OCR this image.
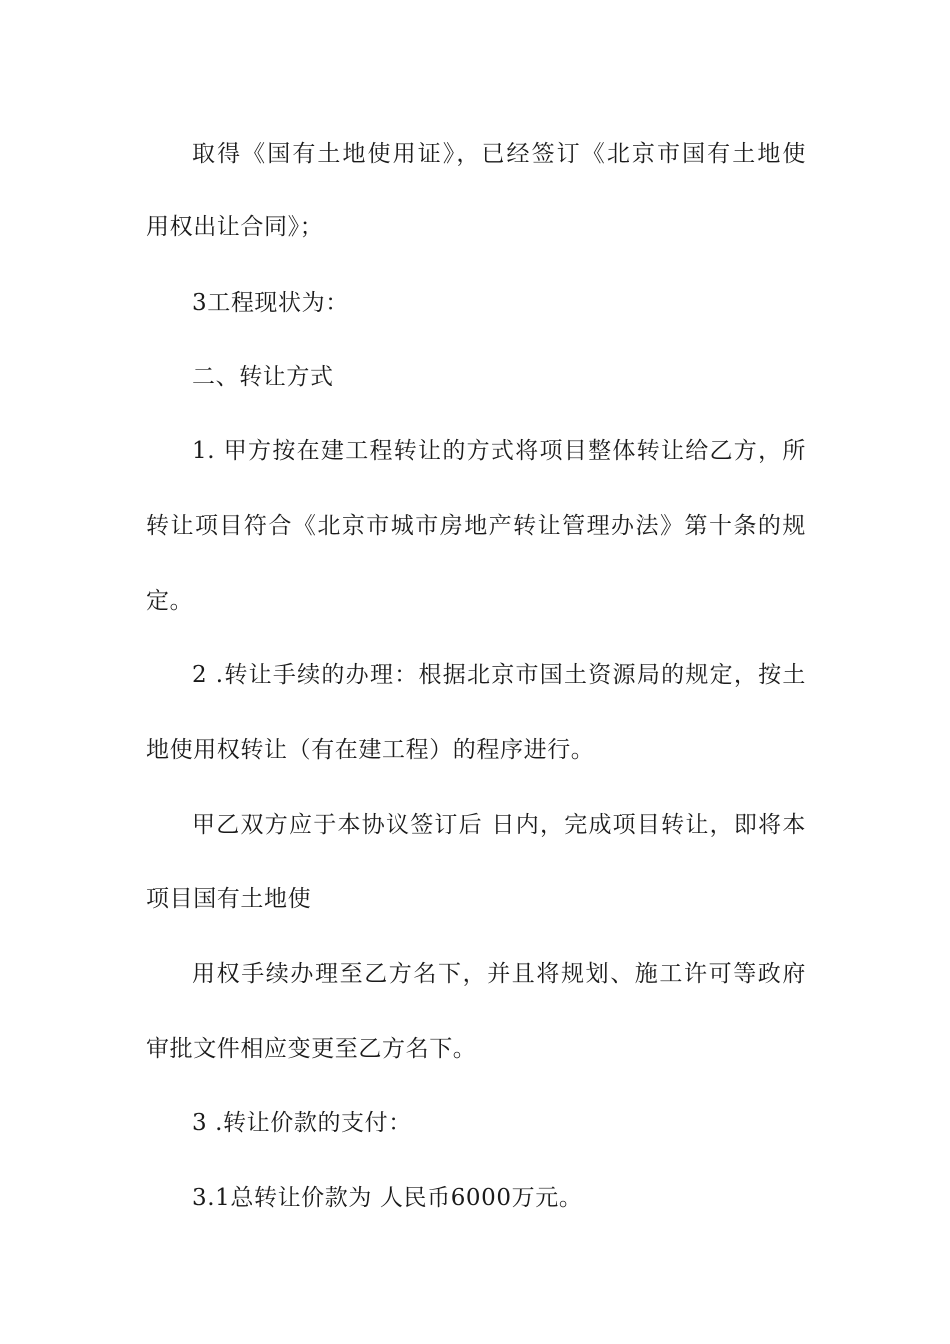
取得《国有土地使用证》，已经签订《北京市国有土地使
用权出让合同》；
3工程现状为：
二、转让方式
1. 甲方按在建工程转让的方式将项目整体转让给乙方，所
转让项目符合《北京市城市房地产转让管理办法》第十条的规
定。
2 .转让手续的办理：根据北京市国土资源局的规定，按土
地使用权转让（有在建工程）的程序进行。
甲乙双方应于本协议签订后 日内，完成项目转让，即将本
项目国有土地使
用权手续办理至乙方名下，并且将规划、施工许可等政府
审批文件相应变更至乙方名下。
3 .转让价款的支付：
3.1总转让价款为 人民币6000万元。
